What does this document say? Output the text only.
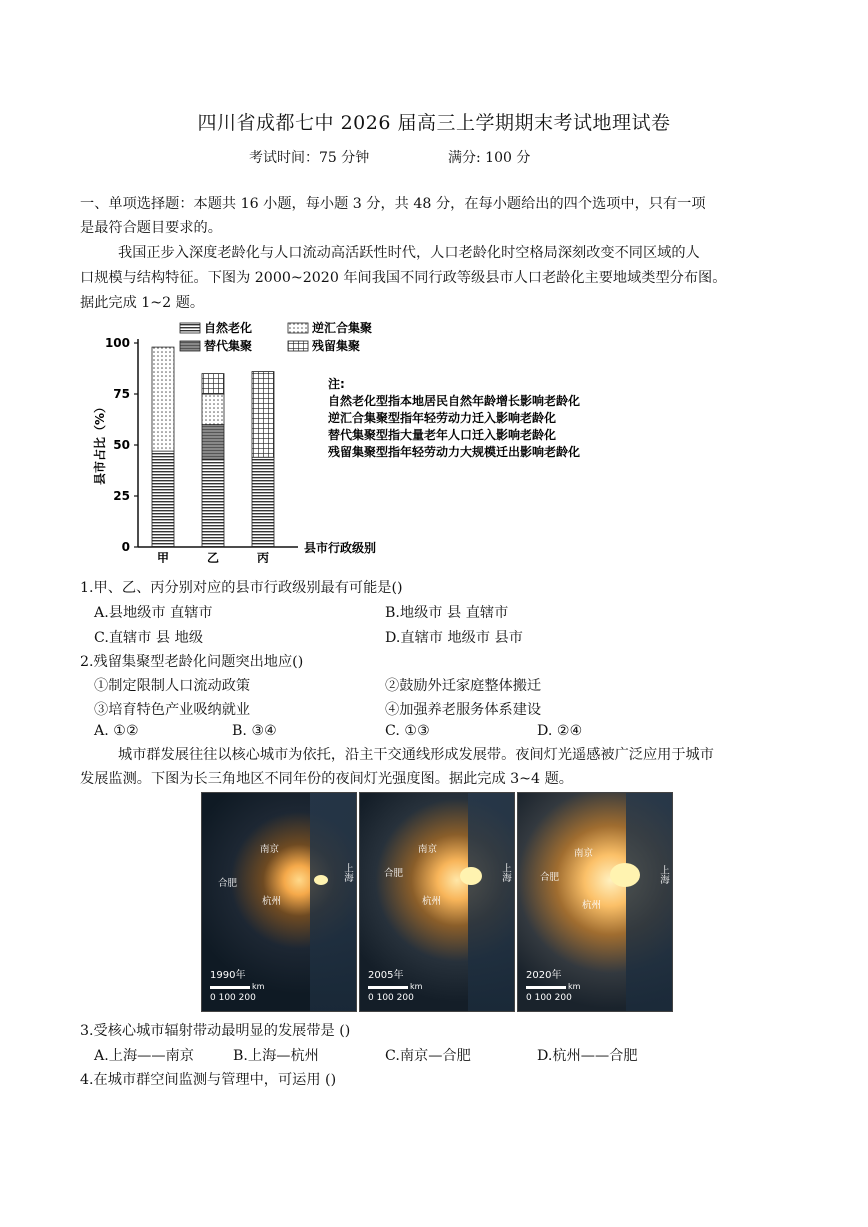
四川省成都七中 2026 届高三上学期期末考试地理试卷
考试时间：75 分钟	满分: 100 分
一、单项选择题：本题共 16 小题，每小题 3 分，共 48 分，在每小题给出的四个选项中，只有一项
是最符合题目要求的。
我国正步入深度老龄化与人口流动高活跃性时代，人口老龄化时空格局深刻改变不同区域的人
口规模与结构特征。下图为 2000~2020 年间我国不同行政等级县市人口老龄化主要地域类型分布图。
据此完成 1~2 题。
0
25
50
75
100
县市占比（%）
县市行政级别
甲	乙	丙
自然老化	逆汇合集聚
替代集聚	残留集聚
注:
自然老化型指本地居民自然年龄增长影响老龄化
逆汇合集聚型指年轻劳动力迁入影响老龄化
替代集聚型指大量老年人口迁入影响老龄化
残留集聚型指年轻劳动力大规模迁出影响老龄化
1.甲、乙、丙分别对应的县市行政级别最有可能是()
A.县地级市 直辖市	B.地级市 县 直辖市
C.直辖市 县 地级	D.直辖市 地级市 县市
2.残留集聚型老龄化问题突出地应()
①制定限制人口流动政策	②鼓励外迁家庭整体搬迁
③培育特色产业吸纳就业	④加强养老服务体系建设
A. ①②	B. ③④	C. ①③	D. ②④
城市群发展往往以核心城市为依托，沿主干交通线形成发展带。夜间灯光遥感被广泛应用于城市
发展监测。下图为长三角地区不同年份的夜间灯光强度图。据此完成 3~4 题。
南京
合肥
杭州
上海
1990年
km
0 100 200
南京
合肥
杭州
上海
2005年
km
0 100 200
南京
合肥
杭州
上海
2020年
km
0 100 200
3.受核心城市辐射带动最明显的发展带是 ()
A.上海——南京	B.上海—杭州	C.南京—合肥	D.杭州——合肥
4.在城市群空间监测与管理中，可运用 ()
